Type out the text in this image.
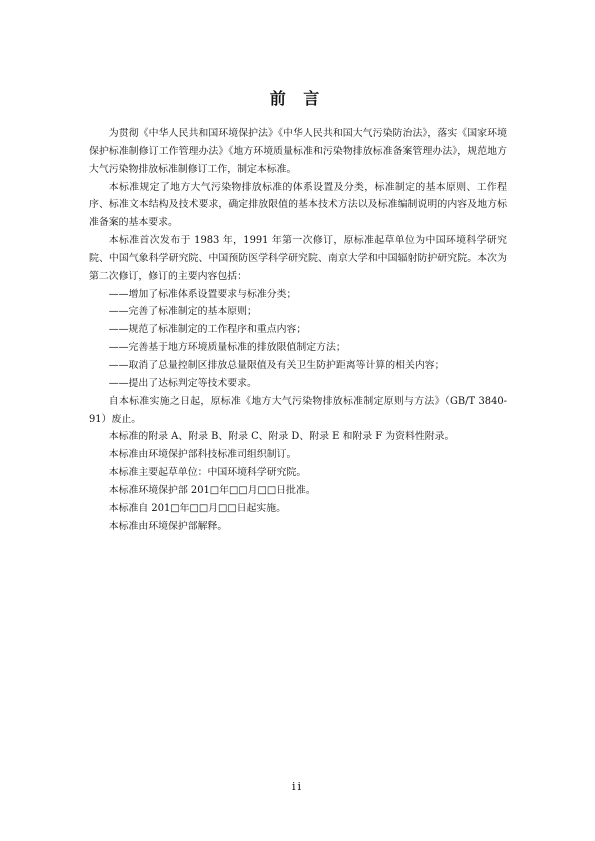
前 言

为贯彻《中华人民共和国环境保护法》《中华人民共和国大气污染防治法》，落实《国家环境保护标准制修订工作管理办法》《地方环境质量标准和污染物排放标准备案管理办法》，规范地方大气污染物排放标准制修订工作，制定本标准。

本标准规定了地方大气污染物排放标准的体系设置及分类，标准制定的基本原则、工作程序、标准文本结构及技术要求，确定排放限值的基本技术方法以及标准编制说明的内容及地方标准备案的基本要求。

本标准首次发布于 1983 年，1991 年第一次修订，原标准起草单位为中国环境科学研究院、中国气象科学研究院、中国预防医学科学研究院、南京大学和中国辐射防护研究院。本次为第二次修订，修订的主要内容包括：

——增加了标准体系设置要求与标准分类；

——完善了标准制定的基本原则；

——规范了标准制定的工作程序和重点内容；

——完善基于地方环境质量标准的排放限值制定方法；

——取消了总量控制区排放总量限值及有关卫生防护距离等计算的相关内容；

——提出了达标判定等技术要求。

自本标准实施之日起，原标准《地方大气污染物排放标准制定原则与方法》（GB/T 3840-91）废止。

本标准的附录 A、附录 B、附录 C、附录 D、附录 E 和附录 F 为资料性附录。

本标准由环境保护部科技标准司组织制订。

本标准主要起草单位：中国环境科学研究院。

本标准环境保护部 201□年□□月□□日批准。

本标准自 201□年□□月□□日起实施。

本标准由环境保护部解释。

ii
